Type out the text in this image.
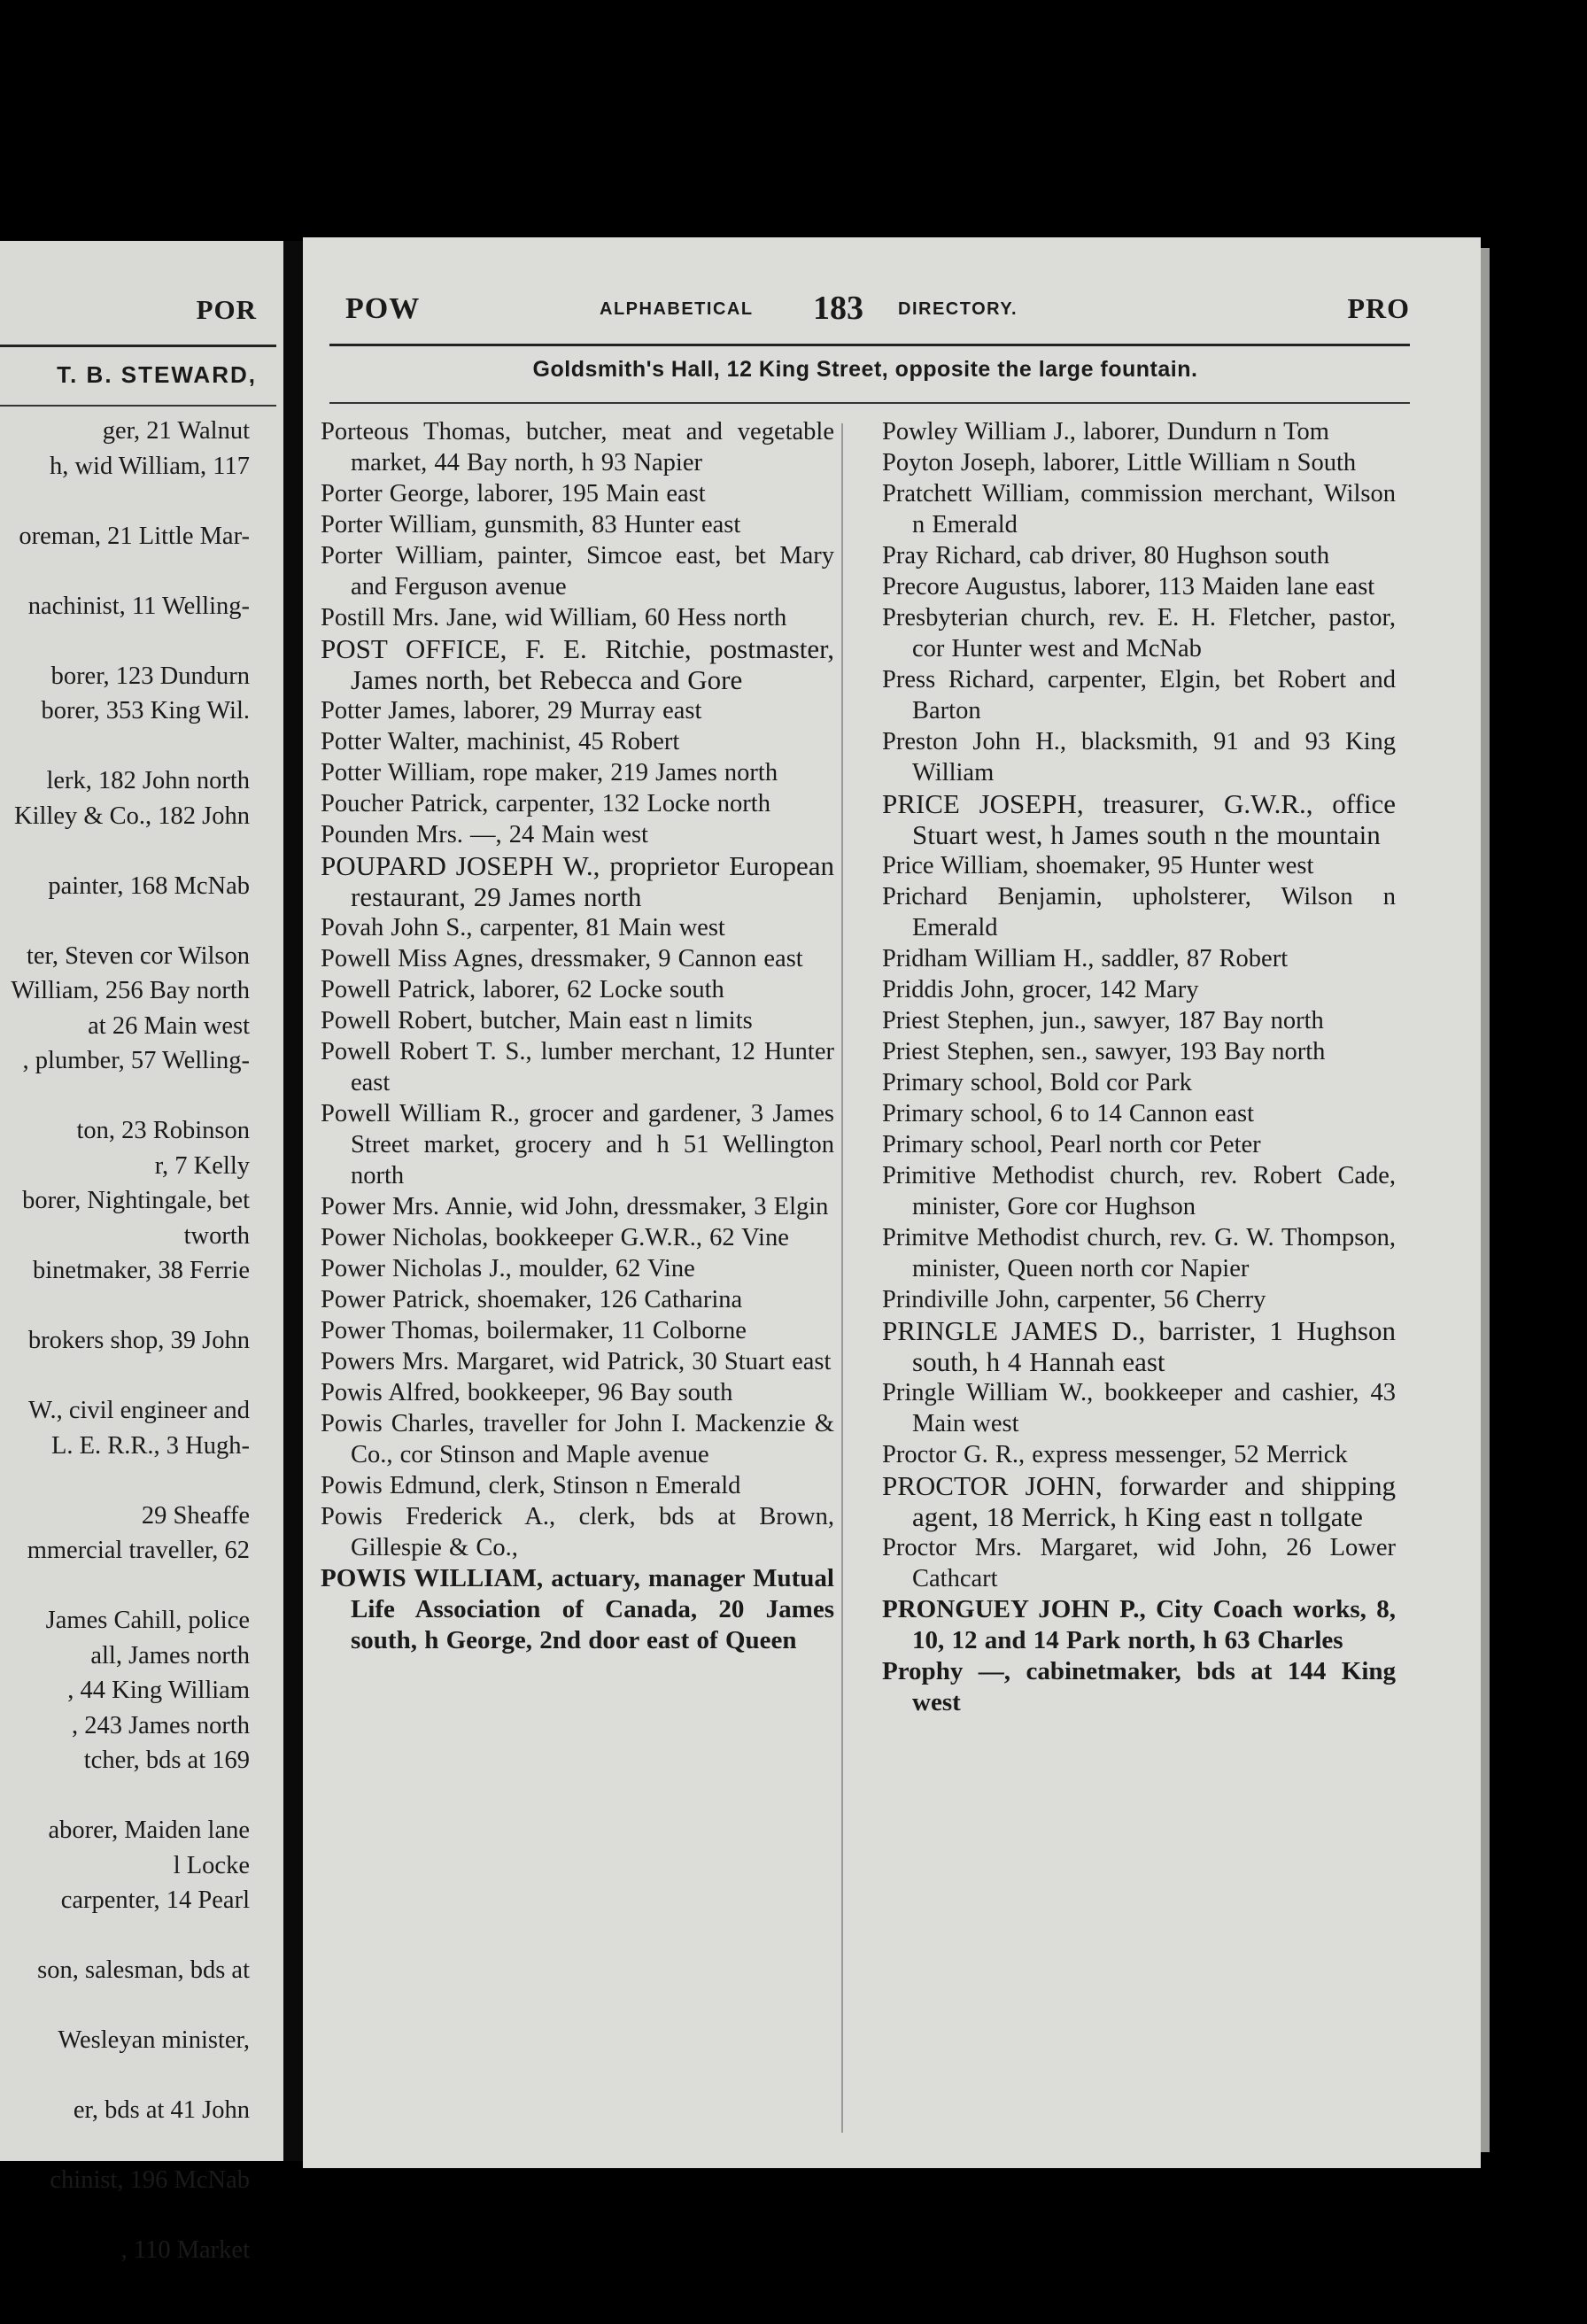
POR
T. B. STEWARD,
ger, 21 Walnut
h, wid William, 117
oreman, 21 Little Mar-
nachinist, 11 Welling-
borer, 123 Dundurn
borer, 353 King Wil.
lerk, 182 John north
Killey & Co., 182 John
painter, 168 McNab
ter, Steven cor Wilson
William, 256 Bay north
at 26 Main west
, plumber, 57 Welling-
ton, 23 Robinson
r, 7 Kelly
borer, Nightingale, bet
tworth
binetmaker, 38 Ferrie
brokers shop, 39 John
W., civil engineer and
L. E. R.R., 3 Hugh-
29 Sheaffe
mmercial traveller, 62
James Cahill, police
all, James north
, 44 King William
, 243 James north
tcher, bds at 169
aborer, Maiden lane
l Locke
carpenter, 14 Pearl
son, salesman, bds at
Wesleyan minister,
er, bds at 41 John
chinist, 196 McNab
, 110 Market
POW	ALPHABETICAL 183 DIRECTORY.	PRO
Goldsmith's Hall, 12 King Street, opposite the large fountain.

Porteous Thomas, butcher, meat and vegetable market, 44 Bay north, h 93 Napier

Porter George, laborer, 195 Main east

Porter William, gunsmith, 83 Hunter east

Porter William, painter, Simcoe east, bet Mary and Ferguson avenue

Postill Mrs. Jane, wid William, 60 Hess north

POST OFFICE, F. E. Ritchie, postmaster, James north, bet Rebecca and Gore

Potter James, laborer, 29 Murray east

Potter Walter, machinist, 45 Robert

Potter William, rope maker, 219 James north

Poucher Patrick, carpenter, 132 Locke north

Pounden Mrs. —, 24 Main west

POUPARD JOSEPH W., proprietor European restaurant, 29 James north

Povah John S., carpenter, 81 Main west

Powell Miss Agnes, dressmaker, 9 Cannon east

Powell Patrick, laborer, 62 Locke south

Powell Robert, butcher, Main east n limits

Powell Robert T. S., lumber merchant, 12 Hunter east

Powell William R., grocer and gardener, 3 James Street market, grocery and h 51 Wellington north

Power Mrs. Annie, wid John, dressmaker, 3 Elgin

Power Nicholas, bookkeeper G.W.R., 62 Vine

Power Nicholas J., moulder, 62 Vine

Power Patrick, shoemaker, 126 Catharina

Power Thomas, boilermaker, 11 Colborne

Powers Mrs. Margaret, wid Patrick, 30 Stuart east

Powis Alfred, bookkeeper, 96 Bay south

Powis Charles, traveller for John I. Mackenzie & Co., cor Stinson and Maple avenue

Powis Edmund, clerk, Stinson n Emerald

Powis Frederick A., clerk, bds at Brown, Gillespie & Co.,

POWIS WILLIAM, actuary, manager Mutual Life Association of Canada, 20 James south, h George, 2nd door east of Queen

Powley William J., laborer, Dundurn n Tom

Poyton Joseph, laborer, Little William n South

Pratchett William, commission merchant, Wilson n Emerald

Pray Richard, cab driver, 80 Hughson south

Precore Augustus, laborer, 113 Maiden lane east

Presbyterian church, rev. E. H. Fletcher, pastor, cor Hunter west and McNab

Press Richard, carpenter, Elgin, bet Robert and Barton

Preston John H., blacksmith, 91 and 93 King William

PRICE JOSEPH, treasurer, G.W.R., office Stuart west, h James south n the mountain

Price William, shoemaker, 95 Hunter west

Prichard Benjamin, upholsterer, Wilson n Emerald

Pridham William H., saddler, 87 Robert

Priddis John, grocer, 142 Mary

Priest Stephen, jun., sawyer, 187 Bay north

Priest Stephen, sen., sawyer, 193 Bay north

Primary school, Bold cor Park

Primary school, 6 to 14 Cannon east

Primary school, Pearl north cor Peter

Primitive Methodist church, rev. Robert Cade, minister, Gore cor Hughson

Primitve Methodist church, rev. G. W. Thompson, minister, Queen north cor Napier

Prindiville John, carpenter, 56 Cherry

PRINGLE JAMES D., barrister, 1 Hughson south, h 4 Hannah east

Pringle William W., bookkeeper and cashier, 43 Main west

Proctor G. R., express messenger, 52 Merrick

PROCTOR JOHN, forwarder and shipping agent, 18 Merrick, h King east n tollgate

Proctor Mrs. Margaret, wid John, 26 Lower Cathcart

PRONGUEY JOHN P., City Coach works, 8, 10, 12 and 14 Park north, h 63 Charles

Prophy —, cabinetmaker, bds at 144 King west
